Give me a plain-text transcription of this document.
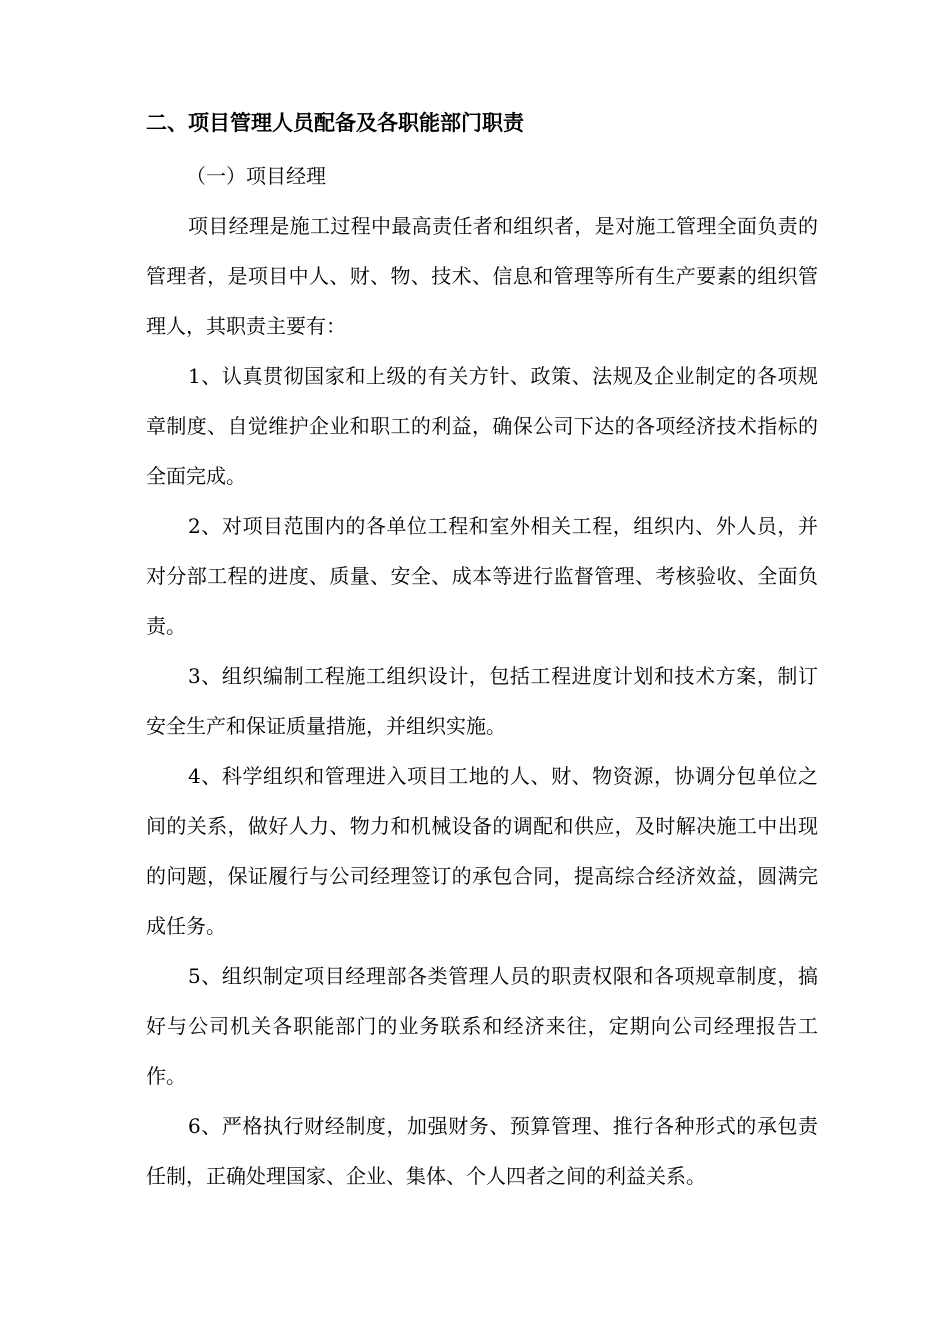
二、项目管理人员配备及各职能部门职责

（一）项目经理

项目经理是施工过程中最高责任者和组织者，是对施工管理全面负责的管理者，是项目中人、财、物、技术、信息和管理等所有生产要素的组织管理人，其职责主要有：

1、认真贯彻国家和上级的有关方针、政策、法规及企业制定的各项规章制度、自觉维护企业和职工的利益，确保公司下达的各项经济技术指标的全面完成。

2、对项目范围内的各单位工程和室外相关工程，组织内、外人员，并对分部工程的进度、质量、安全、成本等进行监督管理、考核验收、全面负责。

3、组织编制工程施工组织设计，包括工程进度计划和技术方案，制订安全生产和保证质量措施，并组织实施。

4、科学组织和管理进入项目工地的人、财、物资源，协调分包单位之间的关系，做好人力、物力和机械设备的调配和供应，及时解决施工中出现的问题，保证履行与公司经理签订的承包合同，提高综合经济效益，圆满完成任务。

5、组织制定项目经理部各类管理人员的职责权限和各项规章制度，搞好与公司机关各职能部门的业务联系和经济来往，定期向公司经理报告工作。

6、严格执行财经制度，加强财务、预算管理、推行各种形式的承包责任制，正确处理国家、企业、集体、个人四者之间的利益关系。
